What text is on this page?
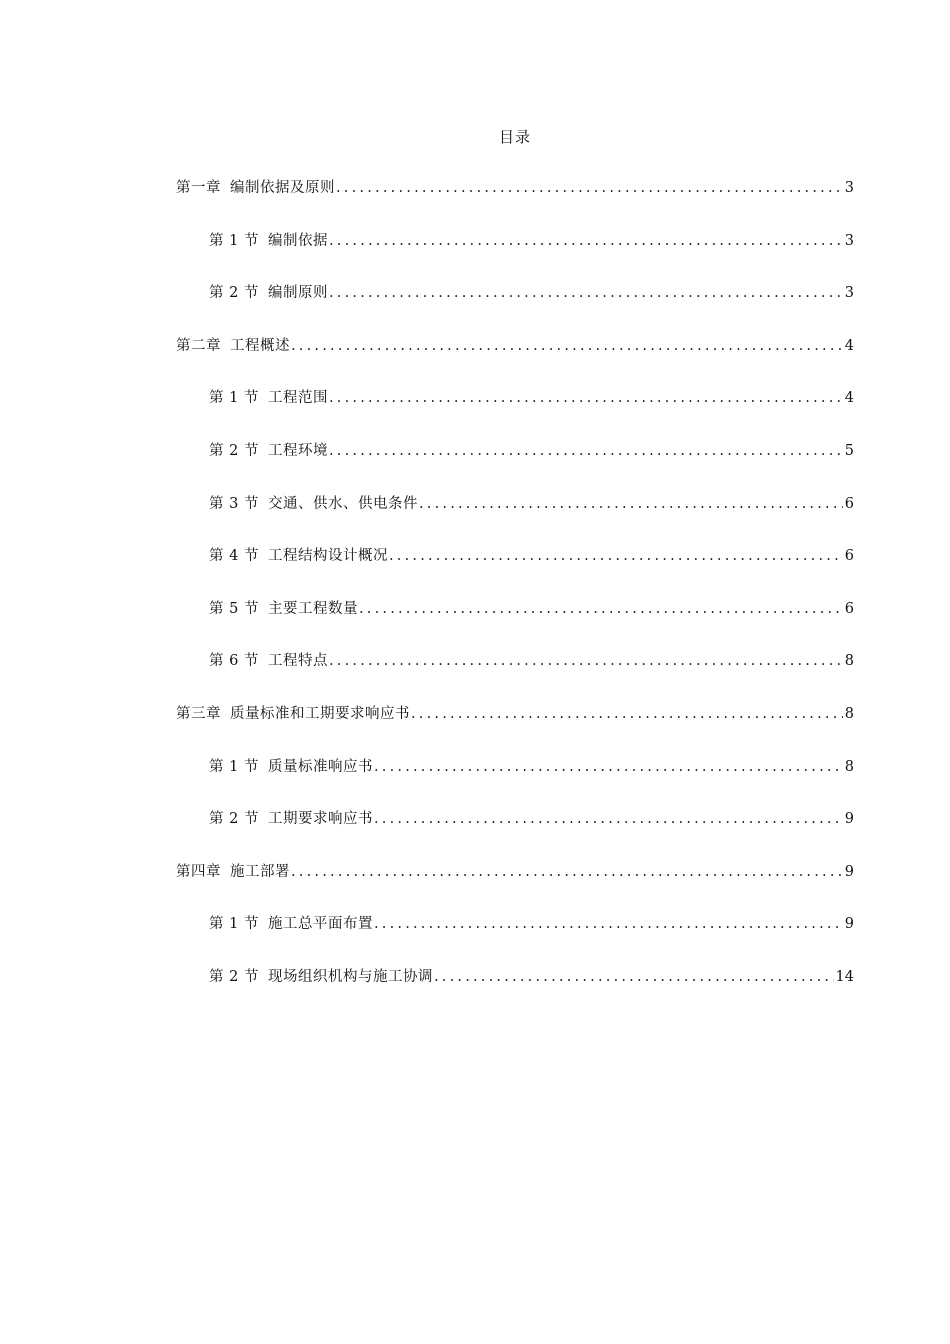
目录
第一章 编制依据及原则 .....	3
第 1 节 编制依据 .....	3
第 2 节 编制原则 .....	3
第二章 工程概述 .....	4
第 1 节 工程范围 .....	4
第 2 节 工程环境 .....	5
第 3 节 交通、供水、供电条件 .....	6
第 4 节 工程结构设计概况 .....	6
第 5 节 主要工程数量 .....	6
第 6 节 工程特点 .....	8
第三章 质量标准和工期要求响应书 .....	8
第 1 节 质量标准响应书 .....	8
第 2 节 工期要求响应书 .....	9
第四章 施工部署 .....	9
第 1 节 施工总平面布置 .....	9
第 2 节 现场组织机构与施工协调 .....	14
